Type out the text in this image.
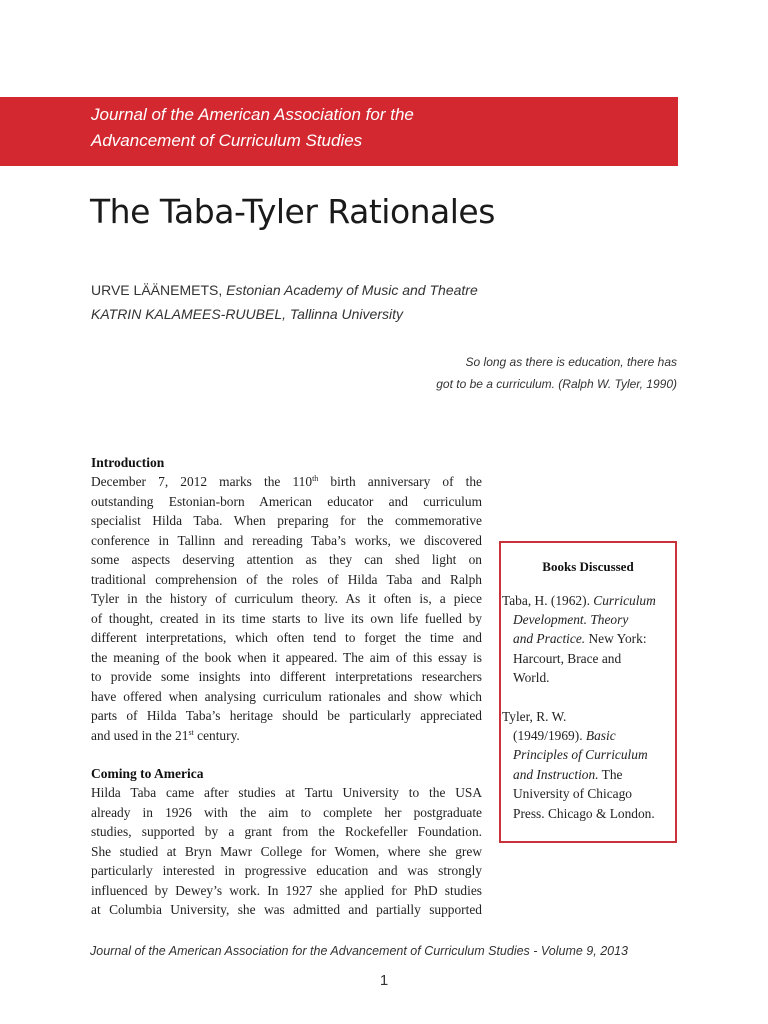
Journal of the American Association for the
Advancement of Curriculum Studies
The Taba-Tyler Rationales
URVE LÄÄNEMETS, Estonian Academy of Music and Theatre
KATRIN KALAMEES-RUUBEL, Tallinna University
So long as there is education, there has
got to be a curriculum. (Ralph W. Tyler, 1990)
Introduction
December 7, 2012 marks the 110th birth anniversary of the
outstanding Estonian-born American educator and curriculum
specialist Hilda Taba. When preparing for the commemorative
conference in Tallinn and rereading Taba’s works, we discovered
some aspects deserving attention as they can shed light on
traditional comprehension of the roles of Hilda Taba and Ralph
Tyler in the history of curriculum theory. As it often is, a piece
of thought, created in its time starts to live its own life fuelled by
different interpretations, which often tend to forget the time and
the meaning of the book when it appeared. The aim of this essay is
to provide some insights into different interpretations researchers
have offered when analysing curriculum rationales and show which
parts of Hilda Taba’s heritage should be particularly appreciated
and used in the 21st century.
Coming to America
Hilda Taba came after studies at Tartu University to the USA
already in 1926 with the aim to complete her postgraduate
studies, supported by a grant from the Rockefeller Foundation.
She studied at Bryn Mawr College for Women, where she grew
particularly interested in progressive education and was strongly
influenced by Dewey’s work. In 1927 she applied for PhD studies
at Columbia University, she was admitted and partially supported
Books Discussed
Taba, H. (1962). Curriculum
Development. Theory
and Practice. New York:
Harcourt, Brace and
World.
Tyler, R. W.
(1949/1969). Basic
Principles of Curriculum
and Instruction. The
University of Chicago
Press. Chicago & London.
Journal of the American Association for the Advancement of Curriculum Studies - Volume 9, 2013
1
